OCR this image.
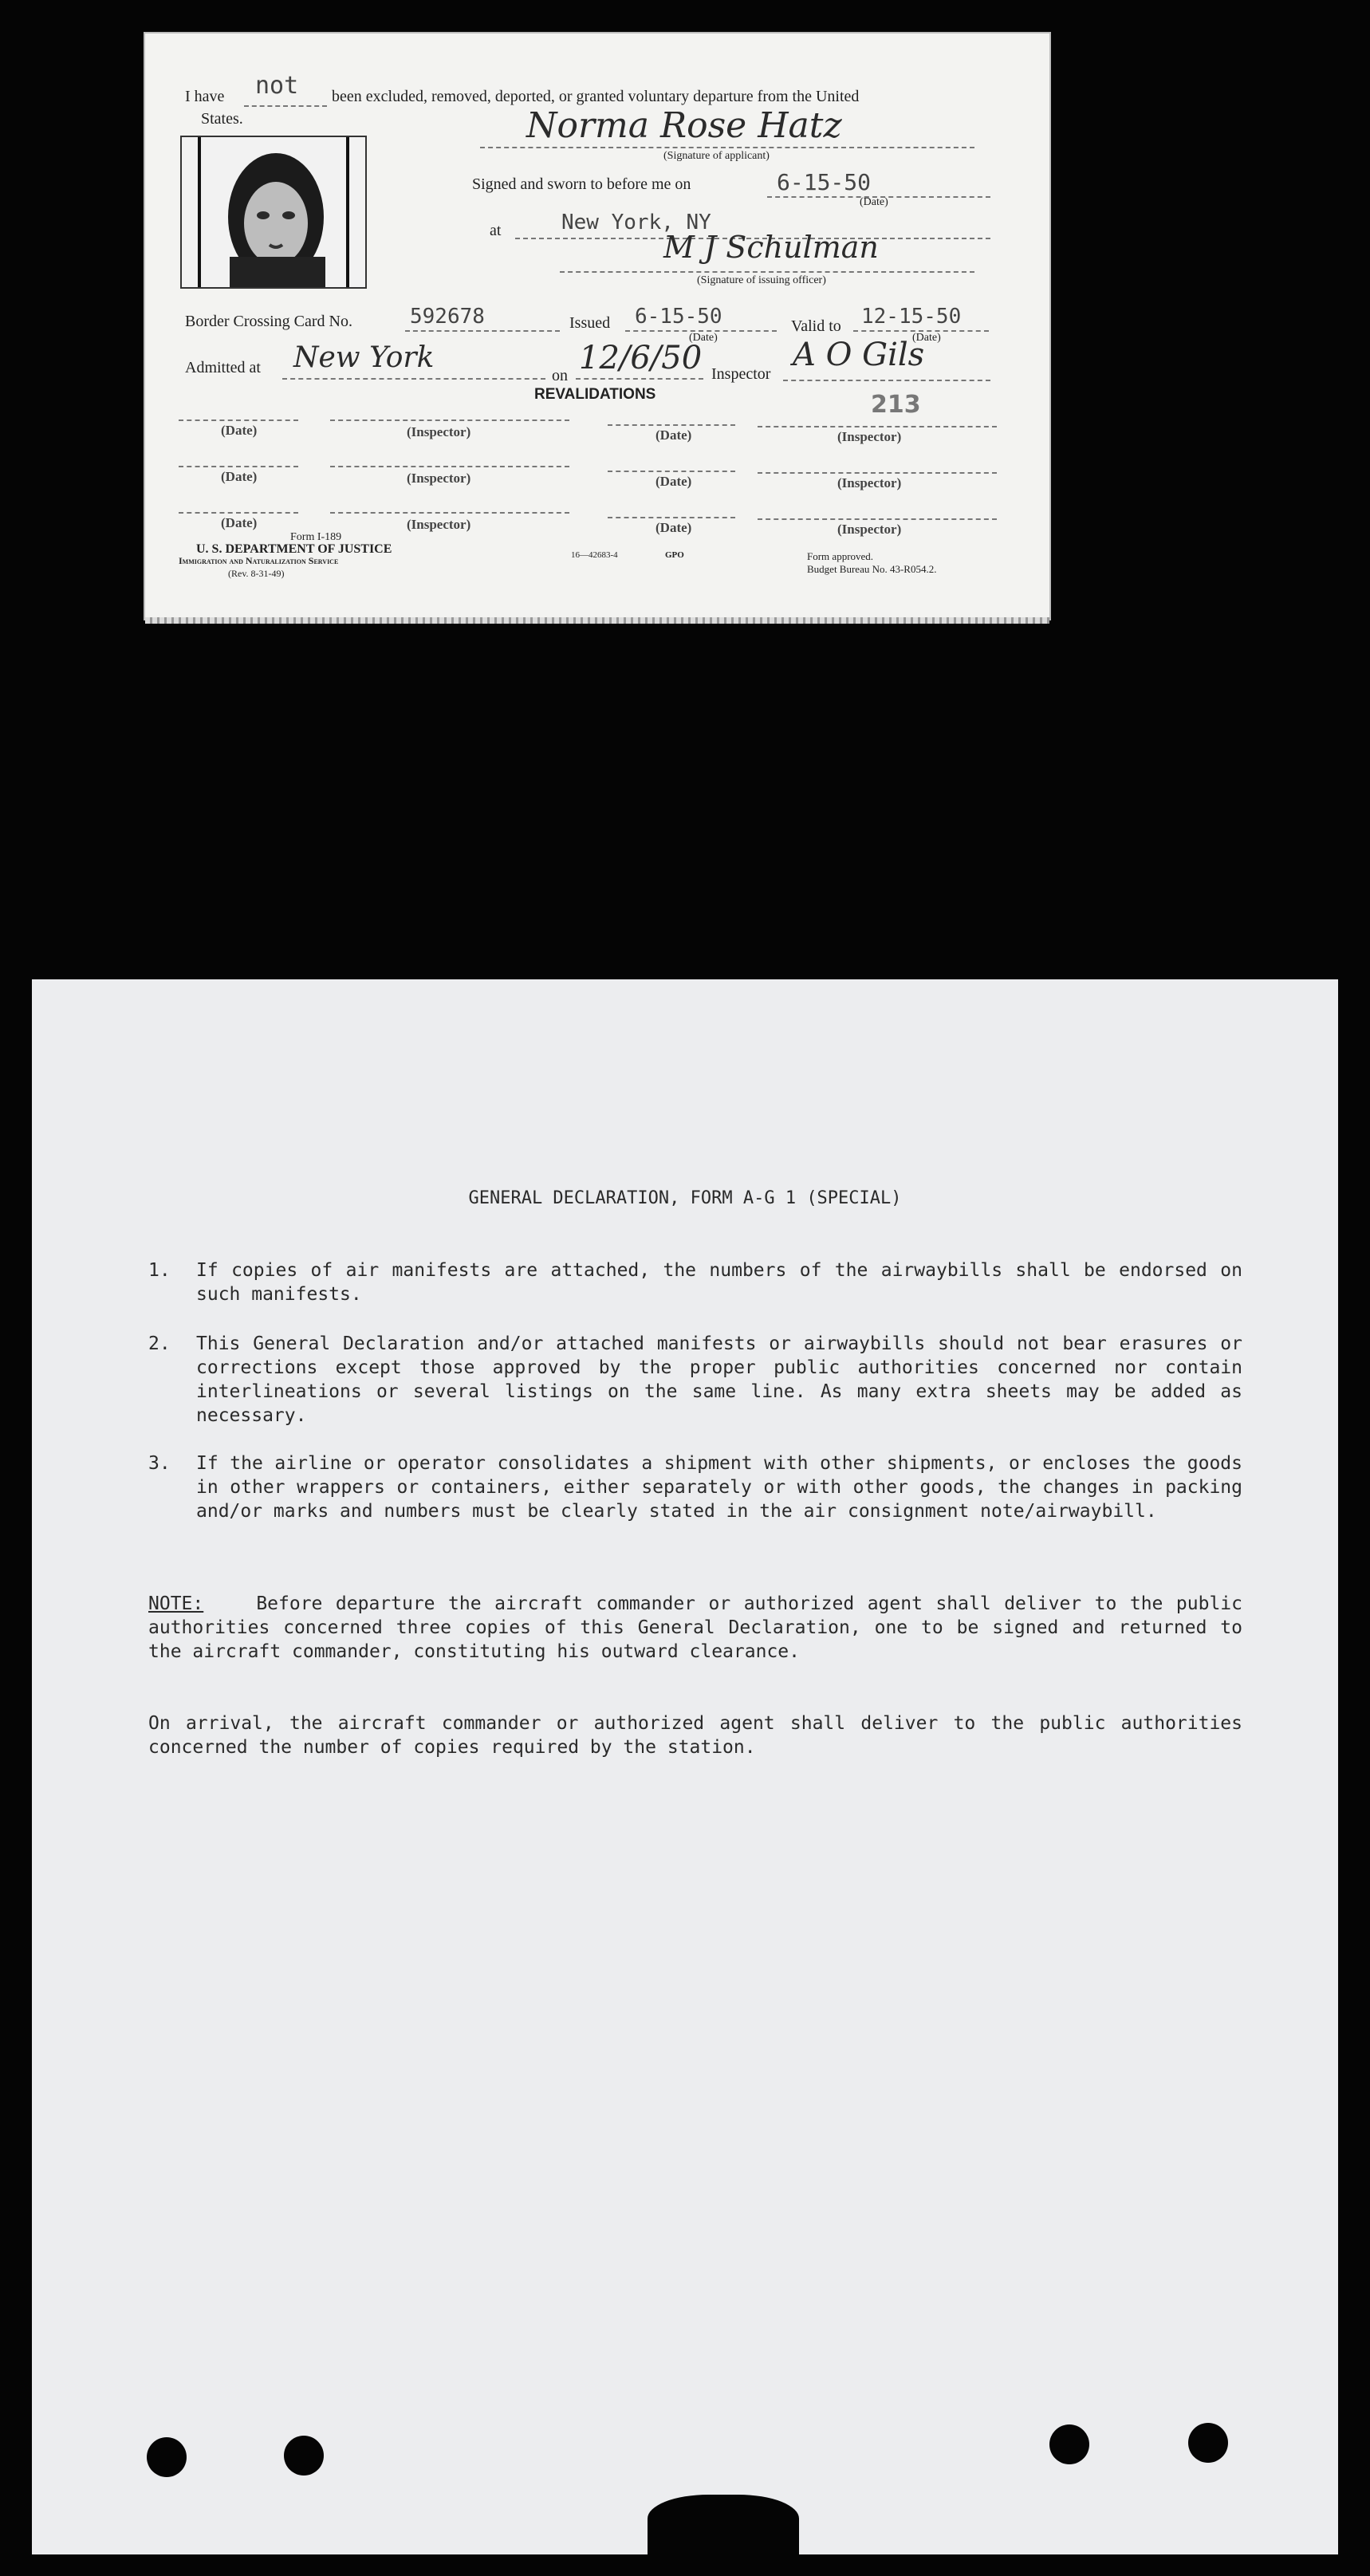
I have not been excluded, removed, deported, or granted voluntary departure from the United
States.	Norma Rose Hatz
(Signature of applicant)
Signed and sworn to before me on	6-15-50
(Date)
at	New York, NY
M J Schulman
(Signature of issuing officer)
Border Crossing Card No.	592678	Issued 6-15-50
(Date)
Valid to 12-15-50
(Date)
Admitted at New York
on 12/6/50 Inspector
A O Gils
REVALIDATIONS	213
(Date)	(Inspector)	(Date)	(Inspector)
(Date)	(Inspector)	(Date)	(Inspector)
(Date)	(Inspector)	(Date)	(Inspector)
Form I-189
U. S. DEPARTMENT OF JUSTICE
Immigration and Naturalization Service
(Rev. 8-31-49)
16—42683-4	GPO	Form approved.
Budget Bureau No. 43-R054.2.
GENERAL DECLARATION, FORM A-G 1 (SPECIAL)
1. If copies of air manifests are attached, the numbers of the airwaybills shall be endorsed on such manifests.

2. This General Declaration and/or attached manifests or airwaybills should not bear erasures or corrections except those approved by the proper public authorities concerned nor contain interlineations or several listings on the same line. As many extra sheets may be added as necessary.

3. If the airline or operator consolidates a shipment with other shipments, or encloses the goods in other wrappers or containers, either separately or with other goods, the changes in packing and/or marks and numbers must be clearly stated in the air consignment note/airwaybill.

NOTE:	Before departure the aircraft commander or authorized agent shall deliver to the public authorities concerned three copies of this General Declaration, one to be signed and returned to the aircraft commander, constituting his outward clearance.

On arrival, the aircraft commander or authorized agent shall deliver to the public authorities concerned the number of copies required by the station.
